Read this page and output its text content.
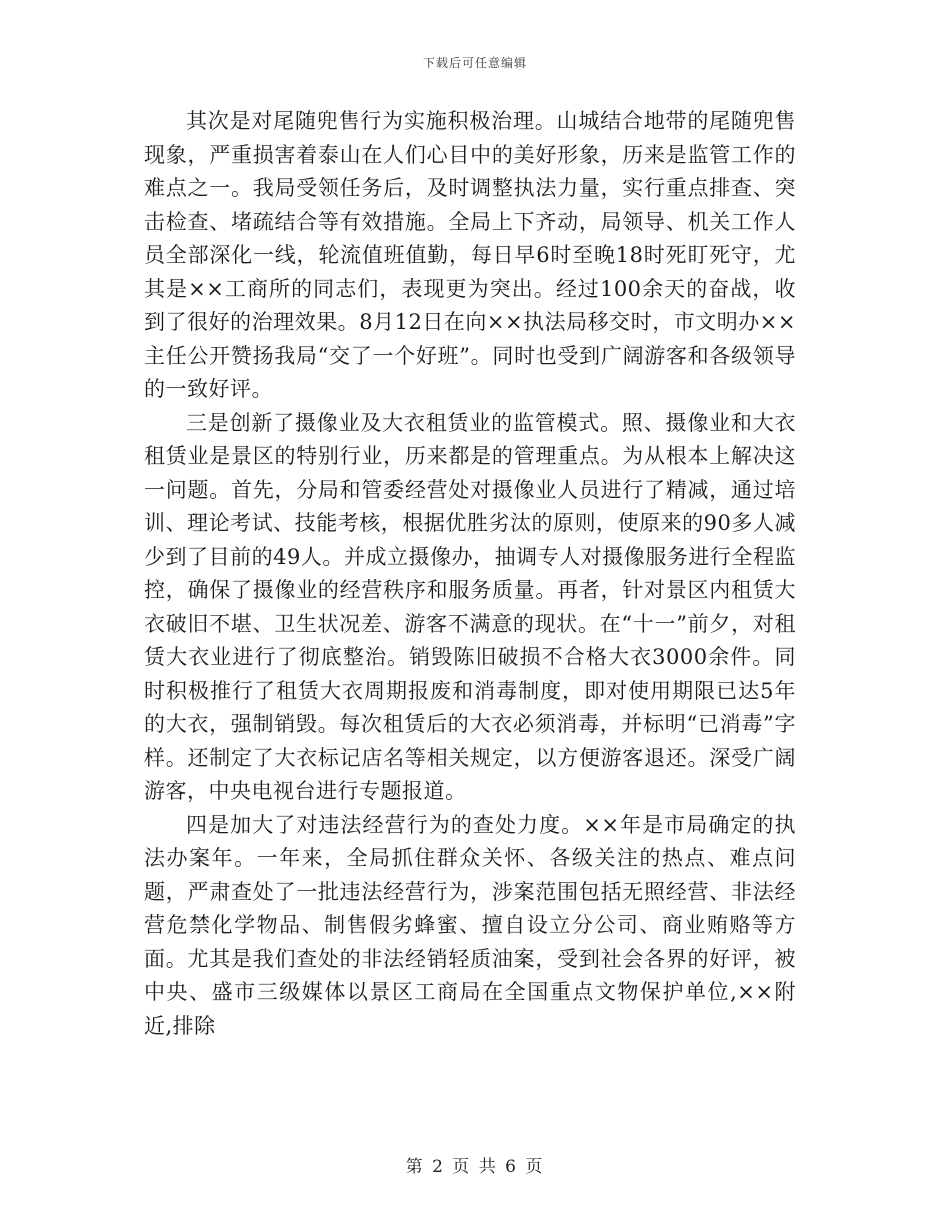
下载后可任意编辑

其次是对尾随兜售行为实施积极治理。山城结合地带的尾随兜售现象，严重损害着泰山在人们心目中的美好形象，历来是监管工作的难点之一。我局受领任务后，及时调整执法力量，实行重点排查、突击检查、堵疏结合等有效措施。全局上下齐动，局领导、机关工作人员全部深化一线，轮流值班值勤，每日早6时至晚18时死盯死守，尤其是××工商所的同志们，表现更为突出。经过100余天的奋战，收到了很好的治理效果。8月12日在向××执法局移交时，市文明办××主任公开赞扬我局“交了一个好班”。同时也受到广阔游客和各级领导的一致好评。

三是创新了摄像业及大衣租赁业的监管模式。照、摄像业和大衣租赁业是景区的特别行业，历来都是的管理重点。为从根本上解决这一问题。首先，分局和管委经营处对摄像业人员进行了精减，通过培训、理论考试、技能考核，根据优胜劣汰的原则，使原来的90多人减少到了目前的49人。并成立摄像办，抽调专人对摄像服务进行全程监控，确保了摄像业的经营秩序和服务质量。再者，针对景区内租赁大衣破旧不堪、卫生状况差、游客不满意的现状。在“十一”前夕，对租赁大衣业进行了彻底整治。销毁陈旧破损不合格大衣3000余件。同时积极推行了租赁大衣周期报废和消毒制度，即对使用期限已达5年的大衣，强制销毁。每次租赁后的大衣必须消毒，并标明“已消毒”字样。还制定了大衣标记店名等相关规定，以方便游客退还。深受广阔游客，中央电视台进行专题报道。

四是加大了对违法经营行为的查处力度。××年是市局确定的执法办案年。一年来，全局抓住群众关怀、各级关注的热点、难点问题，严肃查处了一批违法经营行为，涉案范围包括无照经营、非法经营危禁化学物品、制售假劣蜂蜜、擅自设立分公司、商业贿赂等方面。尤其是我们查处的非法经销轻质油案，受到社会各界的好评，被中央、盛市三级媒体以景区工商局在全国重点文物保护单位,××附近,排除

第 2 页 共 6 页
